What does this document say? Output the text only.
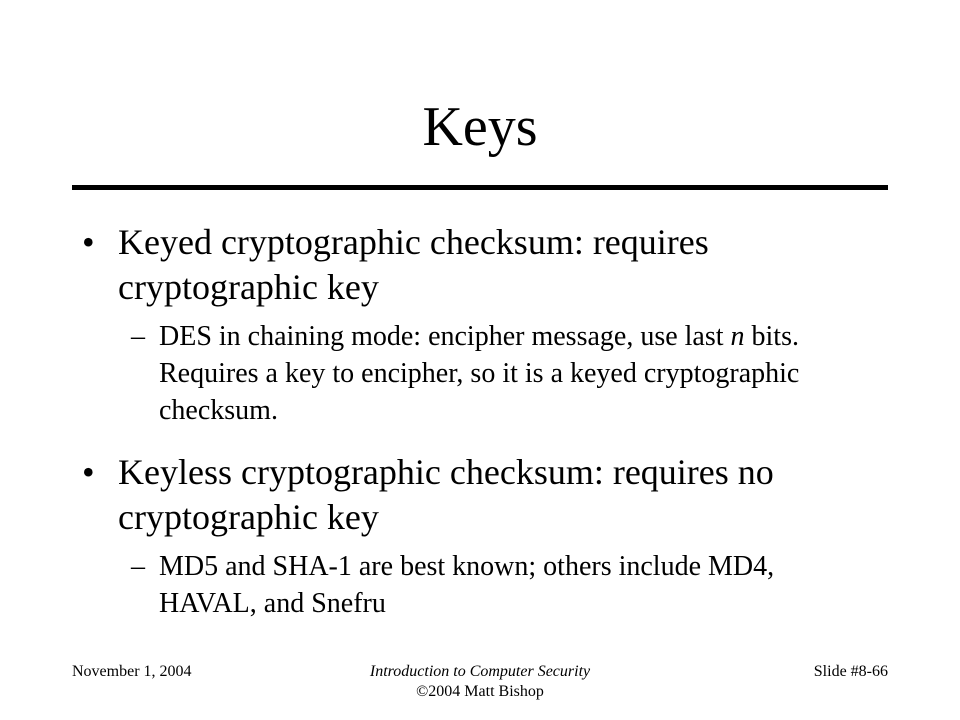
Keys
• Keyed cryptographic checksum: requires cryptographic key
– DES in chaining mode: encipher message, use last n bits. Requires a key to encipher, so it is a keyed cryptographic checksum.
• Keyless cryptographic checksum: requires no cryptographic key
– MD5 and SHA-1 are best known; others include MD4, HAVAL, and Snefru
November 1, 2004	Introduction to Computer Security
©2004 Matt Bishop
Slide #8-66
